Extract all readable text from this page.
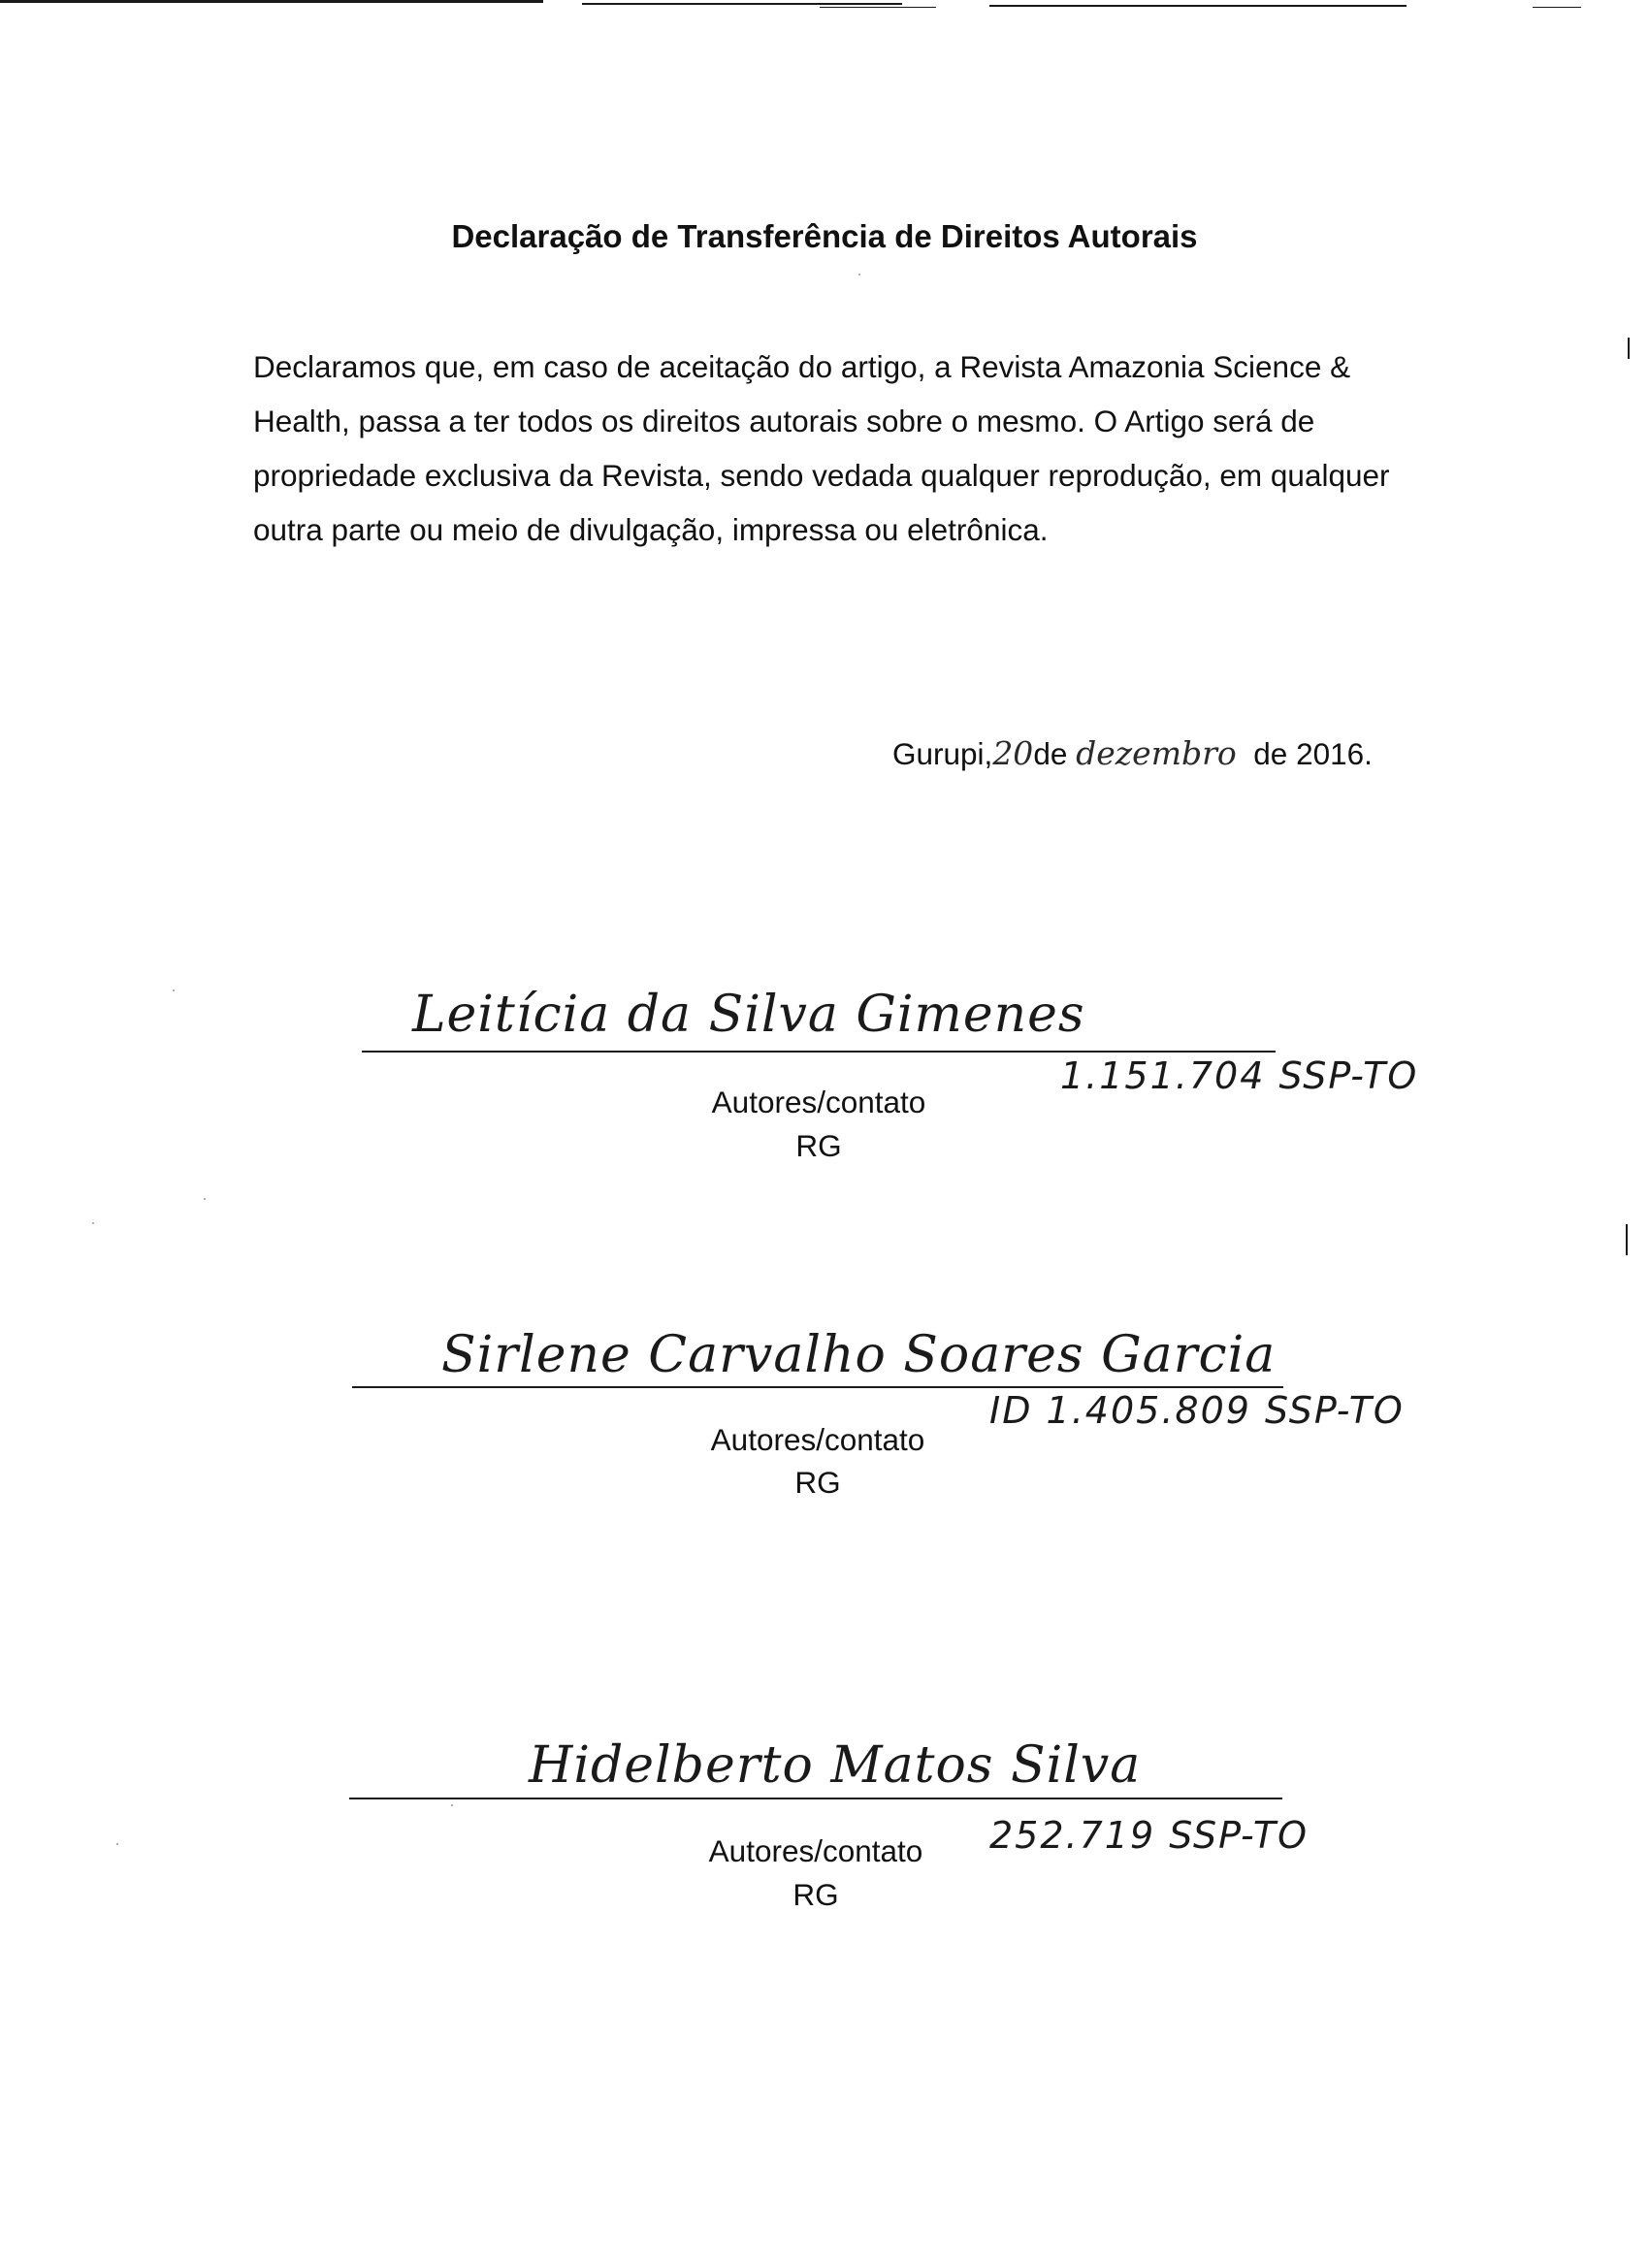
Declaração de Transferência de Direitos Autorais

Declaramos que, em caso de aceitação do artigo, a Revista Amazonia Science & Health, passa a ter todos os direitos autorais sobre o mesmo. O Artigo será de propriedade exclusiva da Revista, sendo vedada qualquer reprodução, em qualquer outra parte ou meio de divulgação, impressa ou eletrônica.

Gurupi,20de dezembro de 2016.
Leitícia da Silva Gimenes
1.151.704 SSP-TO
Autores/contato
RG
Sirlene Carvalho Soares Garcia
ID 1.405.809 SSP-TO
Autores/contato
RG
Hidelberto Matos Silva
252.719 SSP-TO
Autores/contato
RG
